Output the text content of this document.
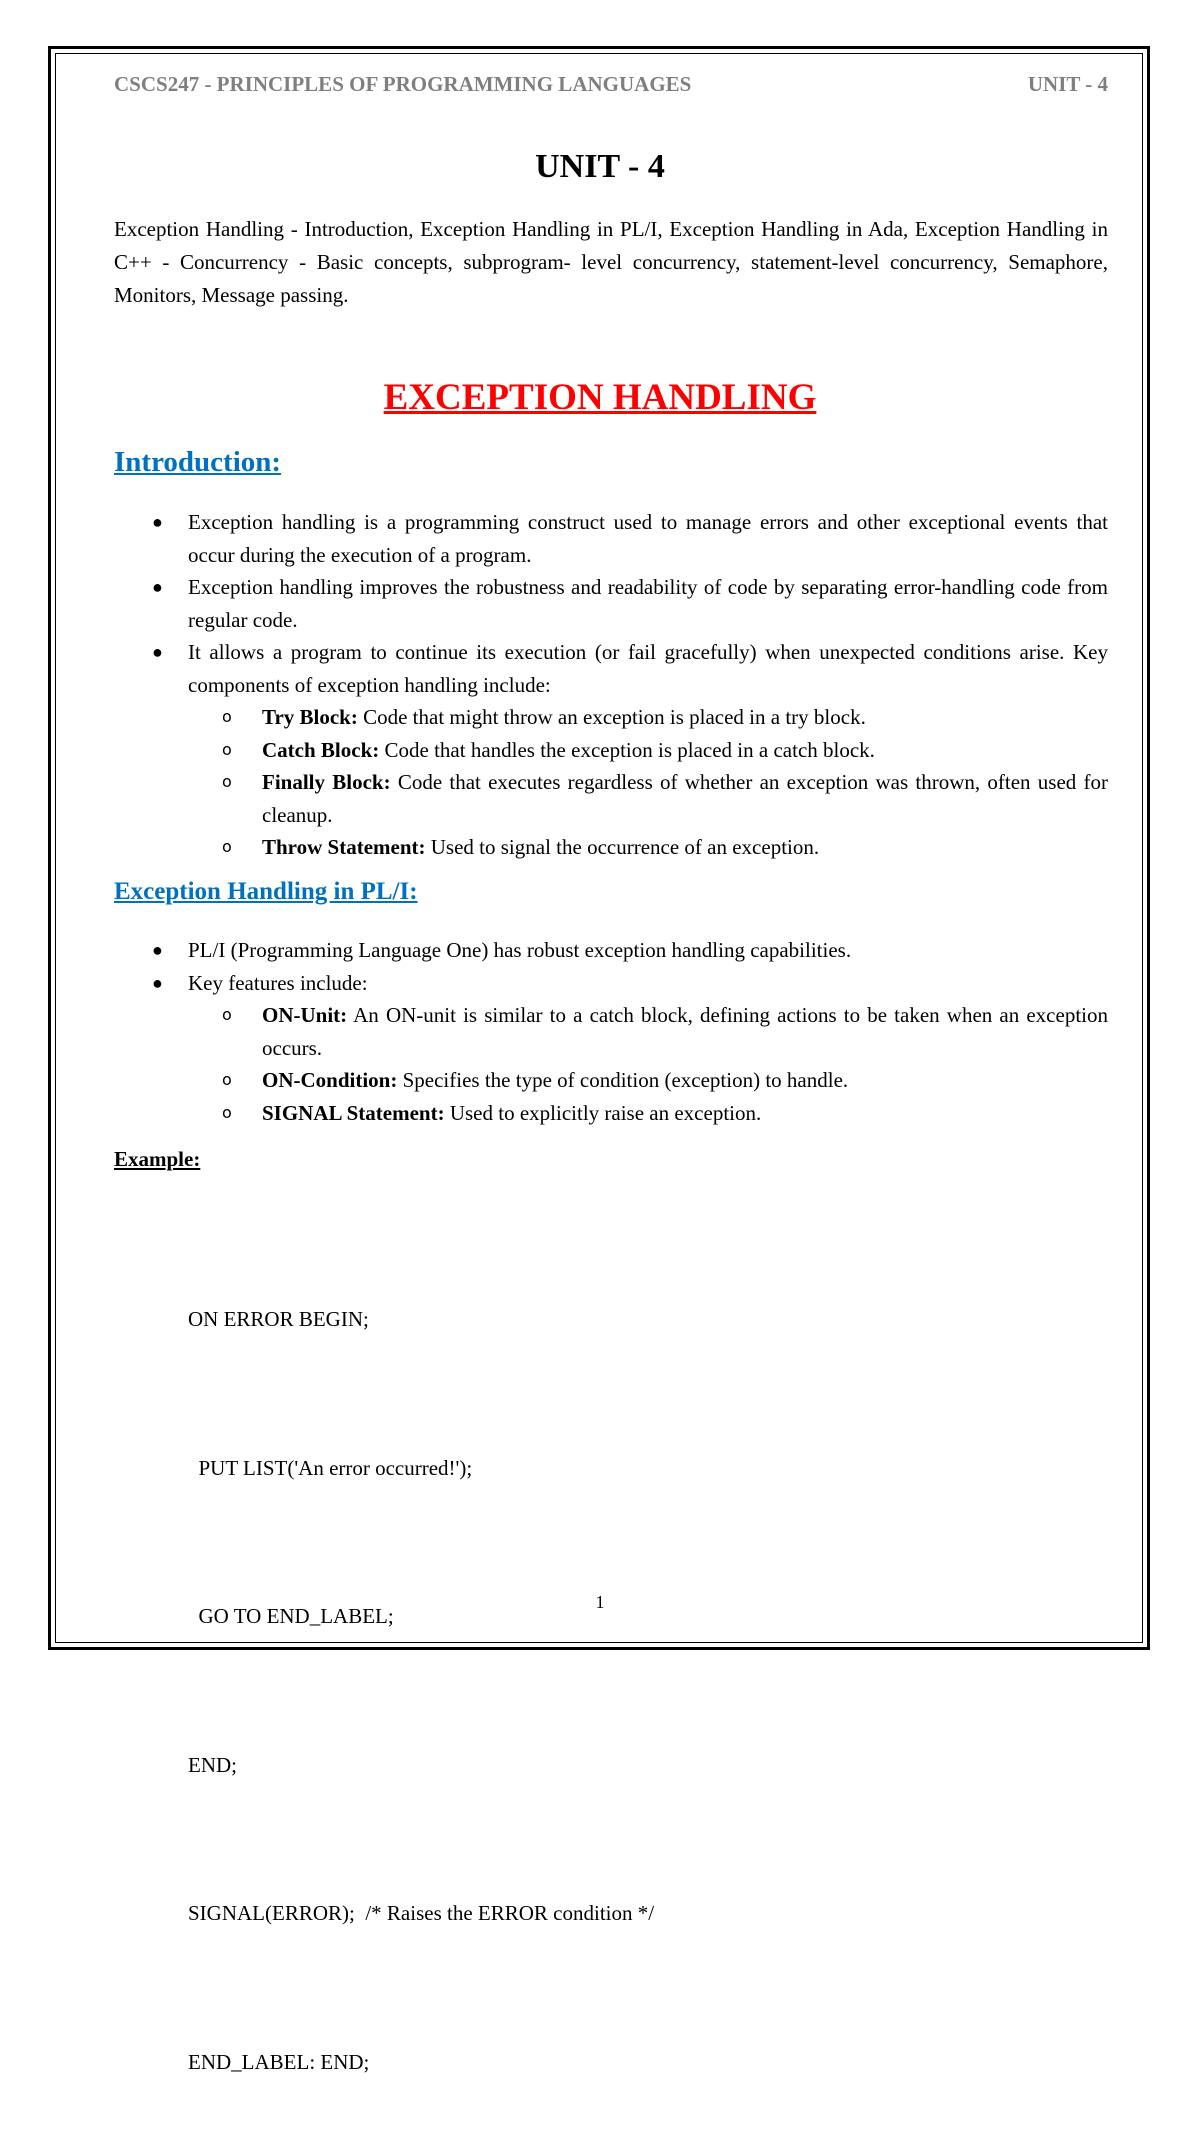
CSCS247 - PRINCIPLES OF PROGRAMMING LANGUAGES	UNIT - 4
UNIT - 4
Exception Handling - Introduction, Exception Handling in PL/I, Exception Handling in Ada, Exception Handling in C++ - Concurrency - Basic concepts, subprogram- level concurrency, statement-level concurrency, Semaphore, Monitors, Message passing.
EXCEPTION HANDLING
Introduction:
● Exception handling is a programming construct used to manage errors and other exceptional events that occur during the execution of a program.
● Exception handling improves the robustness and readability of code by separating error-handling code from regular code.
● It allows a program to continue its execution (or fail gracefully) when unexpected conditions arise. Key components of exception handling include:
o Try Block: Code that might throw an exception is placed in a try block.
o Catch Block: Code that handles the exception is placed in a catch block.
o Finally Block: Code that executes regardless of whether an exception was thrown, often used for cleanup.
o Throw Statement: Used to signal the occurrence of an exception.
Exception Handling in PL/I:
● PL/I (Programming Language One) has robust exception handling capabilities.
● Key features include:
o ON-Unit: An ON-unit is similar to a catch block, defining actions to be taken when an exception occurs.
o ON-Condition: Specifies the type of condition (exception) to handle.
o SIGNAL Statement: Used to explicitly raise an exception.
Example:

ON ERROR BEGIN;

PUT LIST('An error occurred!');

GO TO END_LABEL;

END;

SIGNAL(ERROR);  /* Raises the ERROR condition */

END_LABEL: END;

1
